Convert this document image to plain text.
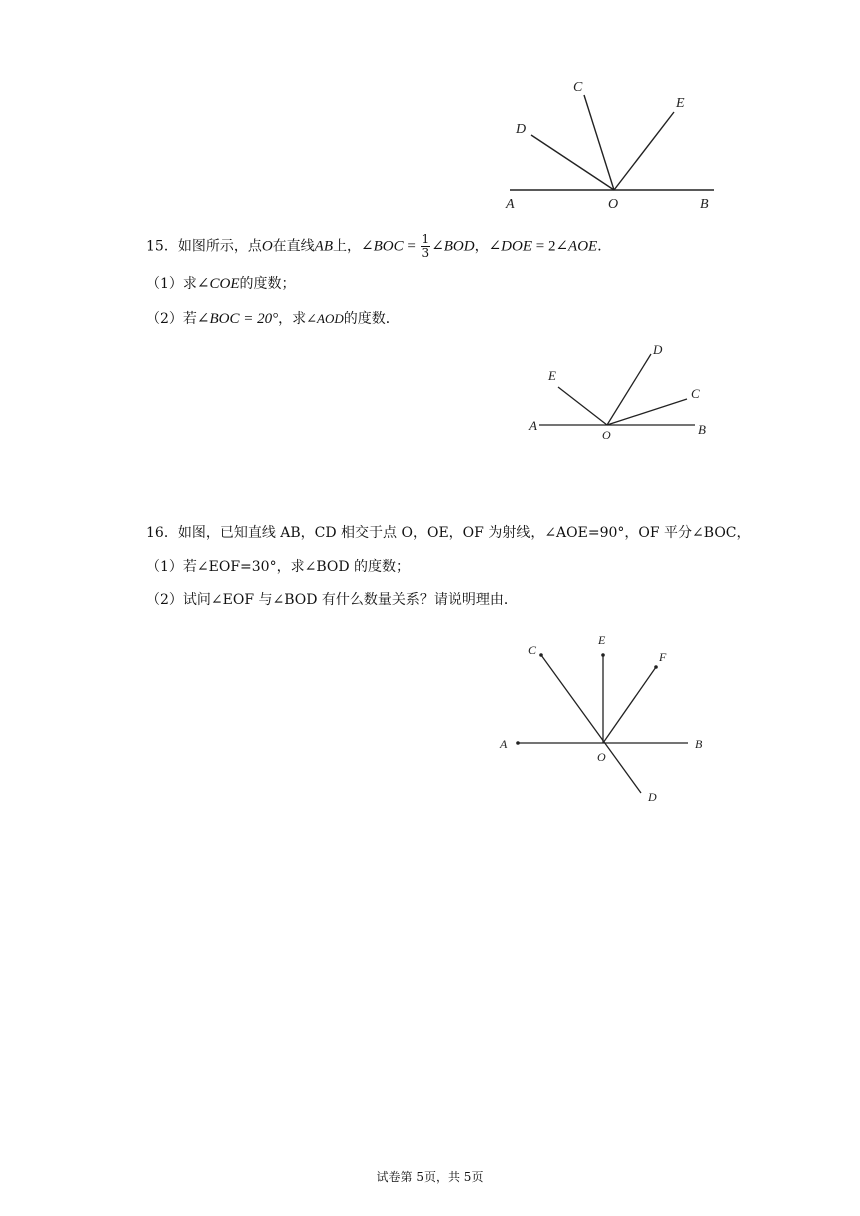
A	O	B
D
C
E
15．如图所示，点O在直线AB上，∠BOC = $\frac{1}{3}$ ∠BOD，∠DOE = 2∠AOE．
（1）求∠COE的度数；
（2）若∠BOC = 20°，求∠AOD的度数．
A
O	B
E
D
C
16．如图，已知直线 AB，CD 相交于点 O，OE，OF 为射线，∠AOE=90°，OF 平分∠BOC，
（1）若∠EOF=30°，求∠BOD 的度数；
（2）试问∠EOF 与∠BOD 有什么数量关系？请说明理由．
A
O
B
C
E
F
D
试卷第 5页，共 5页
